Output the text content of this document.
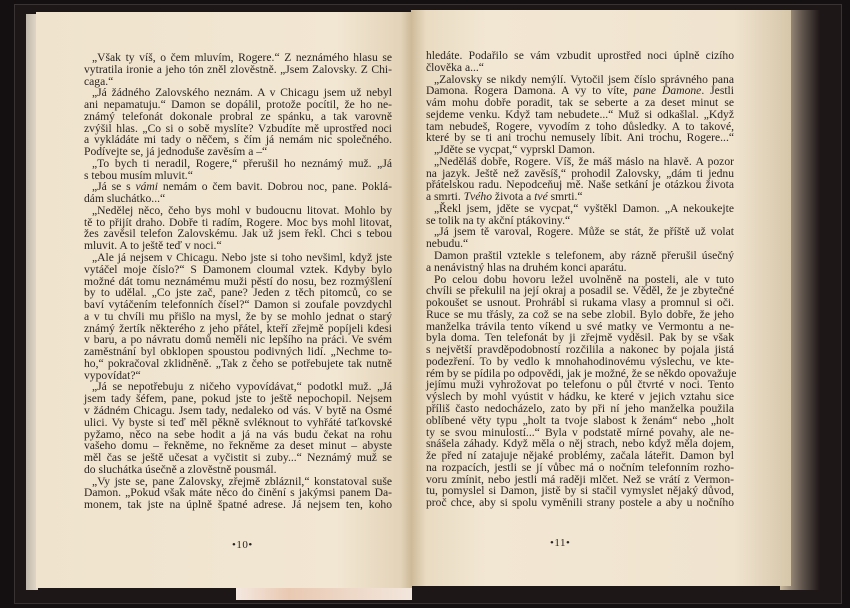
„Však ty víš, o čem mluvím, Rogere.“ Z neznámého hlasu se
vytratila ironie a jeho tón zněl zlověstně. „Jsem Zalovsky. Z Chi-
caga.“
„Já žádného Zalovského neznám. A v Chicagu jsem už nebyl
ani nepamatuju.“ Damon se dopálil, protože pocítil, že ho ne-
známý telefonát dokonale probral ze spánku, a tak varovně
zvýšil hlas. „Co si o sobě myslíte? Vzbudíte mě uprostřed noci
a vykládáte mi tady o něčem, s čím já nemám nic společného.
Podívejte se, já jednoduše zavěsím a –“
„To bych ti neradil, Rogere,“ přerušil ho neznámý muž. „Já
s tebou musím mluvit.“
„Já se s vámi nemám o čem bavit. Dobrou noc, pane. Poklá-
dám sluchátko...“
„Nedělej něco, čeho bys mohl v budoucnu litovat. Mohlo by
tě to přijít draho. Dobře ti radím, Rogere. Moc bys mohl litovat,
žes zavěsil telefon Zalovskému. Jak už jsem řekl. Chci s tebou
mluvit. A to ještě teď v noci.“
„Ale já nejsem v Chicagu. Nebo jste si toho nevšiml, když jste
vytáčel moje číslo?“ S Damonem cloumal vztek. Kdyby bylo
možné dát tomu neznámému muži pěstí do nosu, bez rozmýšlení
by to udělal. „Co jste zač, pane? Jeden z těch pitomců, co se
baví vytáčením telefonních čísel?“ Damon si zoufale povzdychl
a v tu chvíli mu přišlo na mysl, že by se mohlo jednat o starý
známý žertík některého z jeho přátel, kteří zřejmě popíjeli kdesi
v baru, a po návratu domů neměli nic lepšího na práci. Ve svém
zaměstnání byl obklopen spoustou podivných lidí. „Nechme to-
ho,“ pokračoval zklidněně. „Tak z čeho se potřebujete tak nutně
vypovídat?“
„Já se nepotřebuju z ničeho vypovídávat,“ podotkl muž. „Já
jsem tady šéfem, pane, pokud jste to ještě nepochopil. Nejsem
v žádném Chicagu. Jsem tady, nedaleko od vás. V bytě na Osmé
ulici. Vy byste si teď měl pěkně svléknout to vyhřáté taťkovské
pyžamo, něco na sebe hodit a já na vás budu čekat na rohu
vašeho domu – řekněme, no řekněme za deset minut – abyste
měl čas se ještě učesat a vyčistit si zuby...“ Neznámý muž se
do sluchátka úsečně a zlověstně pousmál.
„Vy jste se, pane Zalovsky, zřejmě zbláznil,“ konstatoval suše
Damon. „Pokud však máte něco do činění s jakýmsi panem Da-
monem, tak jste na úplně špatné adrese. Já nejsem ten, koho
•10•
hledáte. Podařilo se vám vzbudit uprostřed noci úplně cizího
člověka a...“
„Zalovsky se nikdy nemýlí. Vytočil jsem číslo správného pana
Damona. Rogera Damona. A vy to víte, pane Damone. Jestli
vám mohu dobře poradit, tak se seberte a za deset minut se
sejdeme venku. Když tam nebudete...“ Muž si odkašlal. „Když
tam nebudeš, Rogere, vyvodím z toho důsledky. A to takové,
které by se ti ani trochu nemusely líbit. Ani trochu, Rogere...“
„Jděte se vycpat,“ vyprskl Damon.
„Neděláš dobře, Rogere. Víš, že máš máslo na hlavě. A pozor
na jazyk. Ještě než zavěsíš,“ prohodil Zalovsky, „dám ti jednu
přátelskou radu. Nepodceňuj mě. Naše setkání je otázkou života
a smrti. Tvého života a tvé smrti.“
„Řekl jsem, jděte se vycpat,“ vyštěkl Damon. „A nekoukejte
se tolik na ty akční ptákoviny.“
„Já jsem tě varoval, Rogere. Může se stát, že příště už volat
nebudu.“
Damon praštil vztekle s telefonem, aby rázně přerušil úsečný
a nenávistný hlas na druhém konci aparátu.
Po celou dobu hovoru ležel uvolněně na posteli, ale v tuto
chvíli se překulil na její okraj a posadil se. Věděl, že je zbytečné
pokoušet se usnout. Prohrábl si rukama vlasy a promnul si oči.
Ruce se mu třásly, za což se na sebe zlobil. Bylo dobře, že jeho
manželka trávila tento víkend u své matky ve Vermontu a ne-
byla doma. Ten telefonát by ji zřejmě vyděsil. Pak by se však
s největší pravděpodobností rozčilila a nakonec by pojala jistá
podezření. To by vedlo k mnohahodinovému výslechu, ve kte-
rém by se pídila po odpovědi, jak je možné, že se někdo opovažuje
jejímu muži vyhrožovat po telefonu o půl čtvrté v noci. Tento
výslech by mohl vyústit v hádku, ke které v jejich vztahu sice
příliš často nedocházelo, zato by při ní jeho manželka použila
oblíbené věty typu „holt ta tvoje slabost k ženám“ nebo „holt
ty se svou minulostí...“ Byla v podstatě mírné povahy, ale ne-
snášela záhady. Když měla o něj strach, nebo když měla dojem,
že před ní zatajuje nějaké problémy, začala láteřit. Damon byl
na rozpacích, jestli se jí vůbec má o nočním telefonním rozho-
voru zmínit, nebo jestli má raději mlčet. Než se vrátí z Vermon-
tu, pomyslel si Damon, jistě by si stačil vymyslet nějaký důvod,
proč chce, aby si spolu vyměnili strany postele a aby u nočního
•11•
